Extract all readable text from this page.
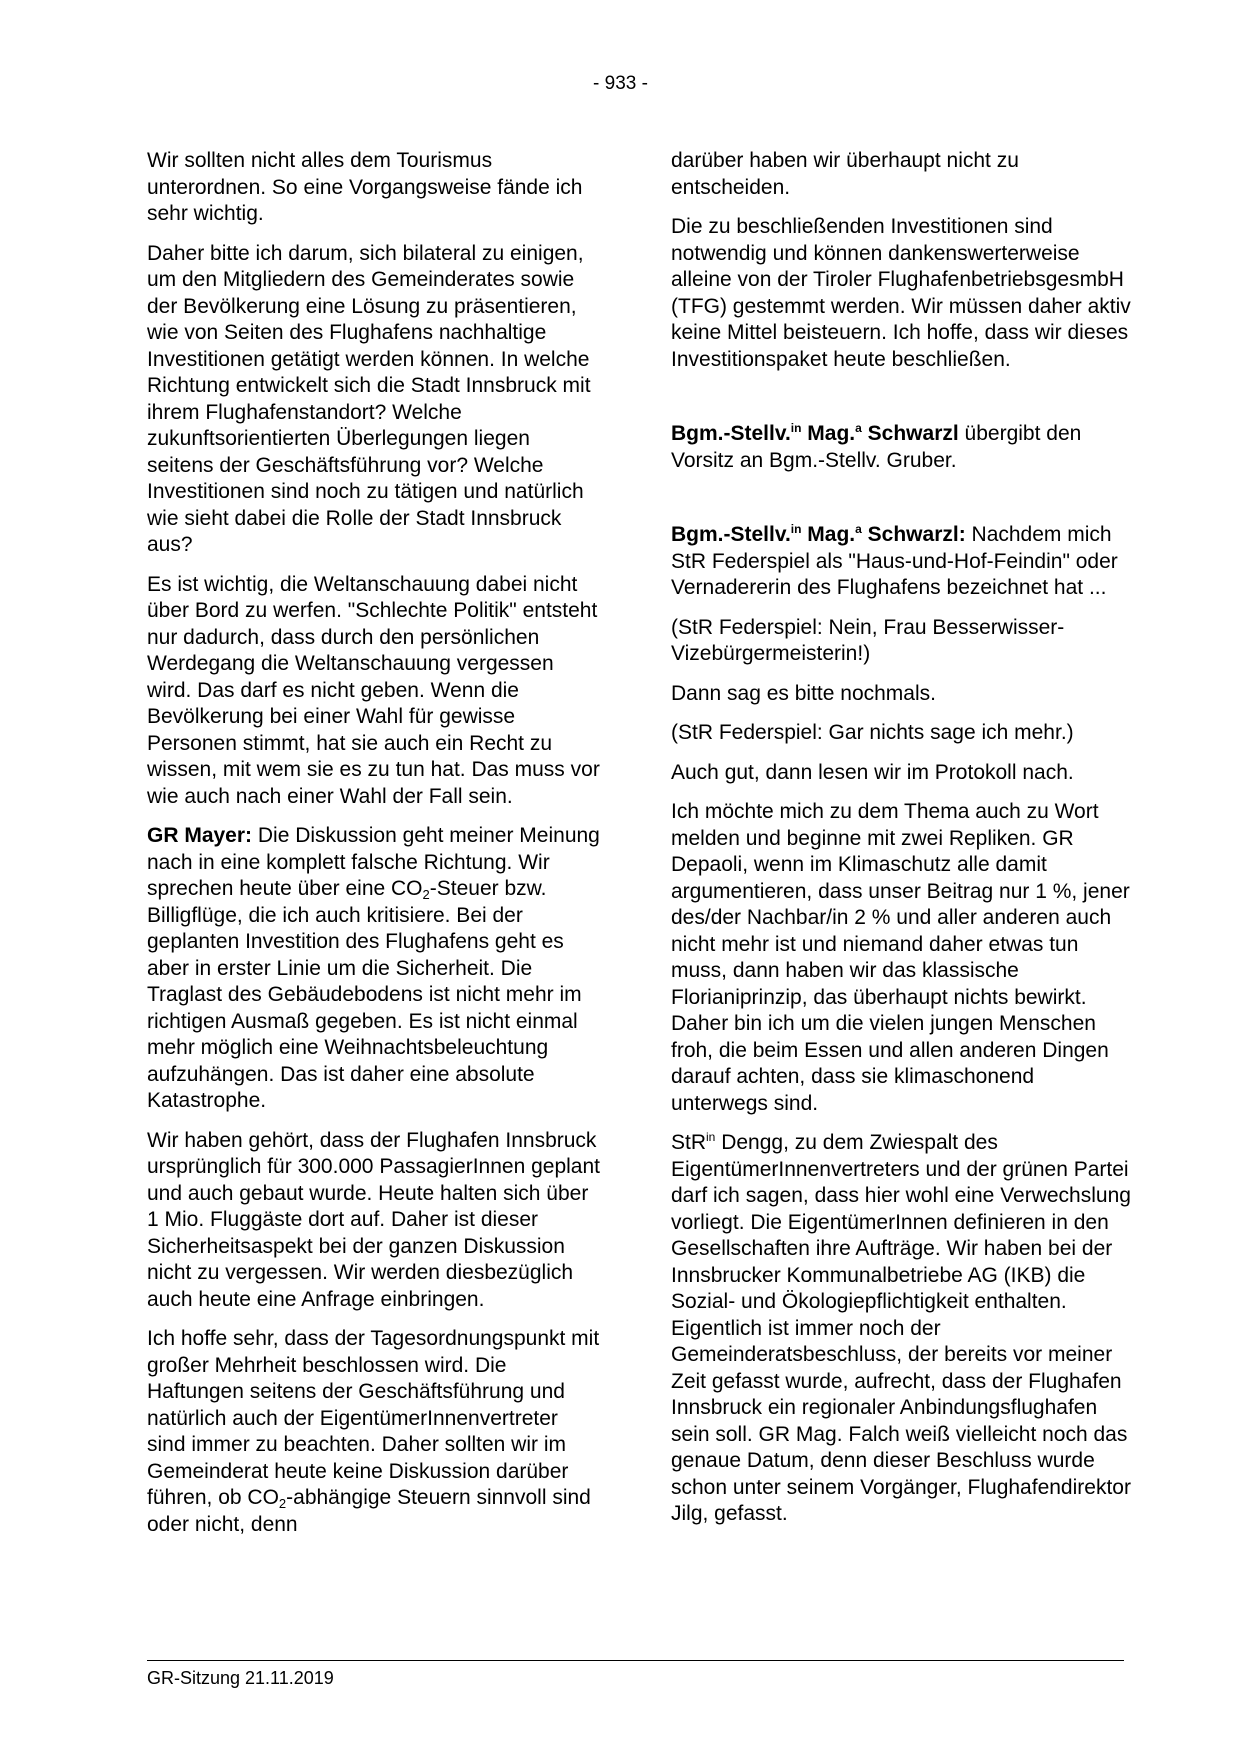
- 933 -

Wir sollten nicht alles dem Tourismus unterordnen. So eine Vorgangsweise fände ich sehr wichtig.

Daher bitte ich darum, sich bilateral zu einigen, um den Mitgliedern des Gemeinderates sowie der Bevölkerung eine Lösung zu präsentieren, wie von Seiten des Flughafens nachhaltige Investitionen getätigt werden können. In welche Richtung entwickelt sich die Stadt Innsbruck mit ihrem Flughafenstandort? Welche zukunftsorientierten Überlegungen liegen seitens der Geschäftsführung vor? Welche Investitionen sind noch zu tätigen und natürlich wie sieht dabei die Rolle der Stadt Innsbruck aus?

Es ist wichtig, die Weltanschauung dabei nicht über Bord zu werfen. "Schlechte Politik" entsteht nur dadurch, dass durch den persönlichen Werdegang die Weltanschauung vergessen wird. Das darf es nicht geben. Wenn die Bevölkerung bei einer Wahl für gewisse Personen stimmt, hat sie auch ein Recht zu wissen, mit wem sie es zu tun hat. Das muss vor wie auch nach einer Wahl der Fall sein.

GR Mayer: Die Diskussion geht meiner Meinung nach in eine komplett falsche Richtung. Wir sprechen heute über eine $CO_2$-Steuer bzw. Billigflüge, die ich auch kritisiere. Bei der geplanten Investition des Flughafens geht es aber in erster Linie um die Sicherheit. Die Traglast des Gebäudebodens ist nicht mehr im richtigen Ausmaß gegeben. Es ist nicht einmal mehr möglich eine Weihnachtsbeleuchtung aufzuhängen. Das ist daher eine absolute Katastrophe.

Wir haben gehört, dass der Flughafen Innsbruck ursprünglich für 300.000 PassagierInnen geplant und auch gebaut wurde. Heute halten sich über 1 Mio. Fluggäste dort auf. Daher ist dieser Sicherheitsaspekt bei der ganzen Diskussion nicht zu vergessen. Wir werden diesbezüglich auch heute eine Anfrage einbringen.

Ich hoffe sehr, dass der Tagesordnungspunkt mit großer Mehrheit beschlossen wird. Die Haftungen seitens der Geschäftsführung und natürlich auch der EigentümerInnenvertreter sind immer zu beachten. Daher sollten wir im Gemeinderat heute keine Diskussion darüber führen, ob $CO_2$-abhängige Steuern sinnvoll sind oder nicht, denn

darüber haben wir überhaupt nicht zu entscheiden.

Die zu beschließenden Investitionen sind notwendig und können dankenswerterweise alleine von der Tiroler FlughafenbetriebsgesmbH (TFG) gestemmt werden. Wir müssen daher aktiv keine Mittel beisteuern. Ich hoffe, dass wir dieses Investitionspaket heute beschließen.

Bgm.-Stellv.$^{in}$ Mag.$^a$ Schwarzl übergibt den Vorsitz an Bgm.-Stellv. Gruber.

Bgm.-Stellv.$^{in}$ Mag.$^a$ Schwarzl: Nachdem mich StR Federspiel als "Haus-und-Hof-Feindin" oder Vernadererin des Flughafens bezeichnet hat ...

(StR Federspiel: Nein, Frau Besserwisser-Vizebürgermeisterin!)

Dann sag es bitte nochmals.

(StR Federspiel: Gar nichts sage ich mehr.)

Auch gut, dann lesen wir im Protokoll nach.

Ich möchte mich zu dem Thema auch zu Wort melden und beginne mit zwei Repliken. GR Depaoli, wenn im Klimaschutz alle damit argumentieren, dass unser Beitrag nur 1 %, jener des/der Nachbar/in 2 % und aller anderen auch nicht mehr ist und niemand daher etwas tun muss, dann haben wir das klassische Florianiprinzip, das überhaupt nichts bewirkt. Daher bin ich um die vielen jungen Menschen froh, die beim Essen und allen anderen Dingen darauf achten, dass sie klimaschonend unterwegs sind.

StR$^{in}$ Dengg, zu dem Zwiespalt des EigentümerInnenvertreters und der grünen Partei darf ich sagen, dass hier wohl eine Verwechslung vorliegt. Die EigentümerInnen definieren in den Gesellschaften ihre Aufträge. Wir haben bei der Innsbrucker Kommunalbetriebe AG (IKB) die Sozial- und Ökologiepflichtigkeit enthalten. Eigentlich ist immer noch der Gemeinderatsbeschluss, der bereits vor meiner Zeit gefasst wurde, aufrecht, dass der Flughafen Innsbruck ein regionaler Anbindungsflughafen sein soll. GR Mag. Falch weiß vielleicht noch das genaue Datum, denn dieser Beschluss wurde schon unter seinem Vorgänger, Flughafendirektor Jilg, gefasst.

GR-Sitzung 21.11.2019
